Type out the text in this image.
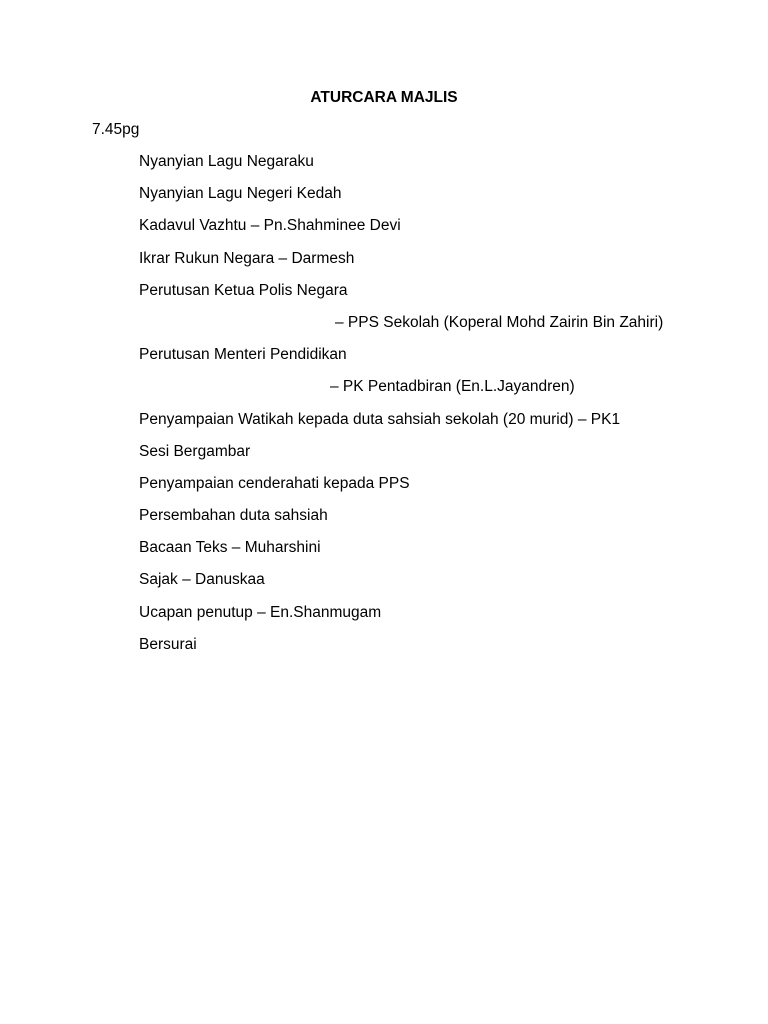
ATURCARA MAJLIS
7.45pg
Nyanyian Lagu Negaraku
Nyanyian Lagu Negeri Kedah
Kadavul Vazhtu – Pn.Shahminee Devi
Ikrar Rukun Negara – Darmesh
Perutusan Ketua Polis Negara
– PPS Sekolah (Koperal Mohd Zairin Bin Zahiri)
Perutusan Menteri Pendidikan
– PK Pentadbiran (En.L.Jayandren)
Penyampaian Watikah kepada duta sahsiah sekolah (20 murid) – PK1
Sesi Bergambar
Penyampaian cenderahati kepada PPS
Persembahan duta sahsiah
Bacaan Teks – Muharshini
Sajak – Danuskaa
Ucapan penutup – En.Shanmugam
Bersurai
